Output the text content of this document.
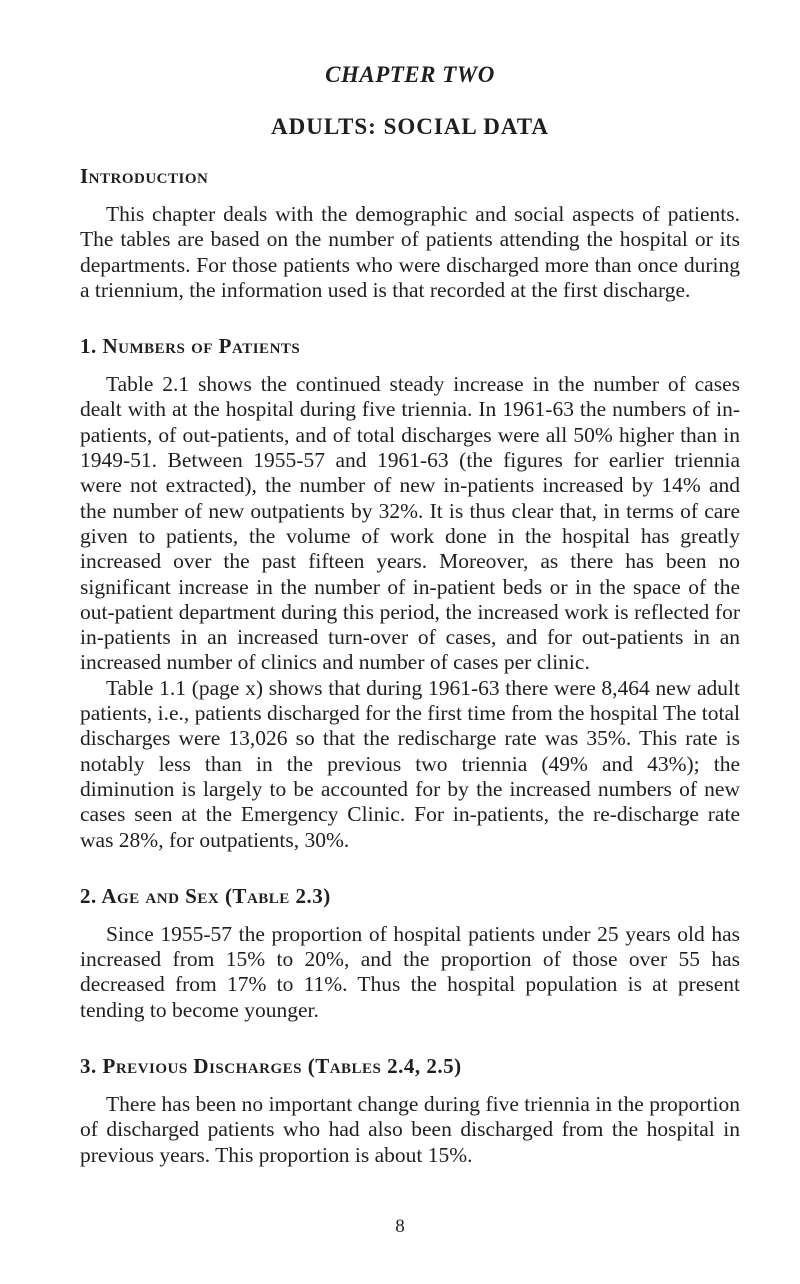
CHAPTER TWO
ADULTS: SOCIAL DATA
Introduction

This chapter deals with the demographic and social aspects of patients. The tables are based on the number of patients attending the hospital or its departments. For those patients who were discharged more than once during a triennium, the information used is that recorded at the first discharge.

1. Numbers of Patients

Table 2.1 shows the continued steady increase in the number of cases dealt with at the hospital during five triennia. In 1961-63 the numbers of in-patients, of out-patients, and of total discharges were all 50% higher than in 1949-51. Between 1955-57 and 1961-63 (the figures for earlier triennia were not extracted), the number of new in-patients increased by 14% and the number of new outpatients by 32%. It is thus clear that, in terms of care given to patients, the volume of work done in the hospital has greatly increased over the past fifteen years. Moreover, as there has been no significant increase in the number of in-patient beds or in the space of the out-patient department during this period, the increased work is reflected for in-patients in an increased turn-over of cases, and for out-patients in an increased number of clinics and number of cases per clinic.

Table 1.1 (page x) shows that during 1961-63 there were 8,464 new adult patients, i.e., patients discharged for the first time from the hospital The total discharges were 13,026 so that the redischarge rate was 35%. This rate is notably less than in the previous two triennia (49% and 43%); the diminution is largely to be accounted for by the increased numbers of new cases seen at the Emergency Clinic. For in-patients, the re-discharge rate was 28%, for outpatients, 30%.

2. Age and Sex (Table 2.3)

Since 1955-57 the proportion of hospital patients under 25 years old has increased from 15% to 20%, and the proportion of those over 55 has decreased from 17% to 11%. Thus the hospital population is at present tending to become younger.

3. Previous Discharges (Tables 2.4, 2.5)

There has been no important change during five triennia in the proportion of discharged patients who had also been discharged from the hospital in previous years. This proportion is about 15%.

8
